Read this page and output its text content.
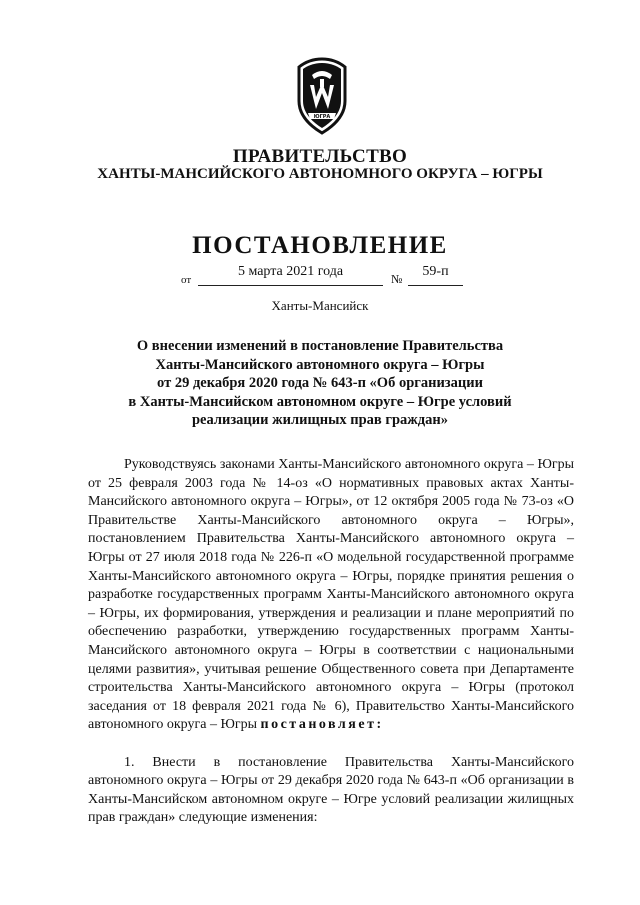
ЮГРА
ПРАВИТЕЛЬСТВО
ХАНТЫ-МАНСИЙСКОГО АВТОНОМНОГО ОКРУГА – ЮГРЫ
ПОСТАНОВЛЕНИЕ
от
5 марта 2021 года	№	59-п
Ханты-Мансийск
О внесении изменений в постановление Правительства
Ханты-Мансийского автономного округа – Югры
от 29 декабря 2020 года № 643-п «Об организации
в Ханты-Мансийском автономном округе – Югре условий
реализации жилищных прав граждан»

Руководствуясь законами Ханты-Мансийского автономного округа – Югры от 25 февраля 2003 года № 14-оз «О нормативных правовых актах Ханты-Мансийского автономного округа – Югры», от 12 октября 2005 года № 73-оз «О Правительстве Ханты-Мансийского автономного округа – Югры», постановлением Правительства Ханты-Мансийского автономного округа – Югры от 27 июля 2018 года № 226-п «О модельной государственной программе Ханты-Мансийского автономного округа – Югры, порядке принятия решения о разработке государственных программ Ханты-Мансийского автономного округа – Югры, их формирования, утверждения и реализации и плане мероприятий по обеспечению разработки, утверждению государственных программ Ханты-Мансийского автономного округа – Югры в соответствии с национальными целями развития», учитывая решение Общественного совета при Департаменте строительства Ханты-Мансийского автономного округа – Югры (протокол заседания от 18 февраля 2021 года № 6), Правительство Ханты-Мансийского автономного округа – Югры постановляет:

1. Внести в постановление Правительства Ханты-Мансийского автономного округа – Югры от 29 декабря 2020 года № 643-п «Об организации в Ханты-Мансийском автономном округе – Югре условий реализации жилищных прав граждан» следующие изменения:
